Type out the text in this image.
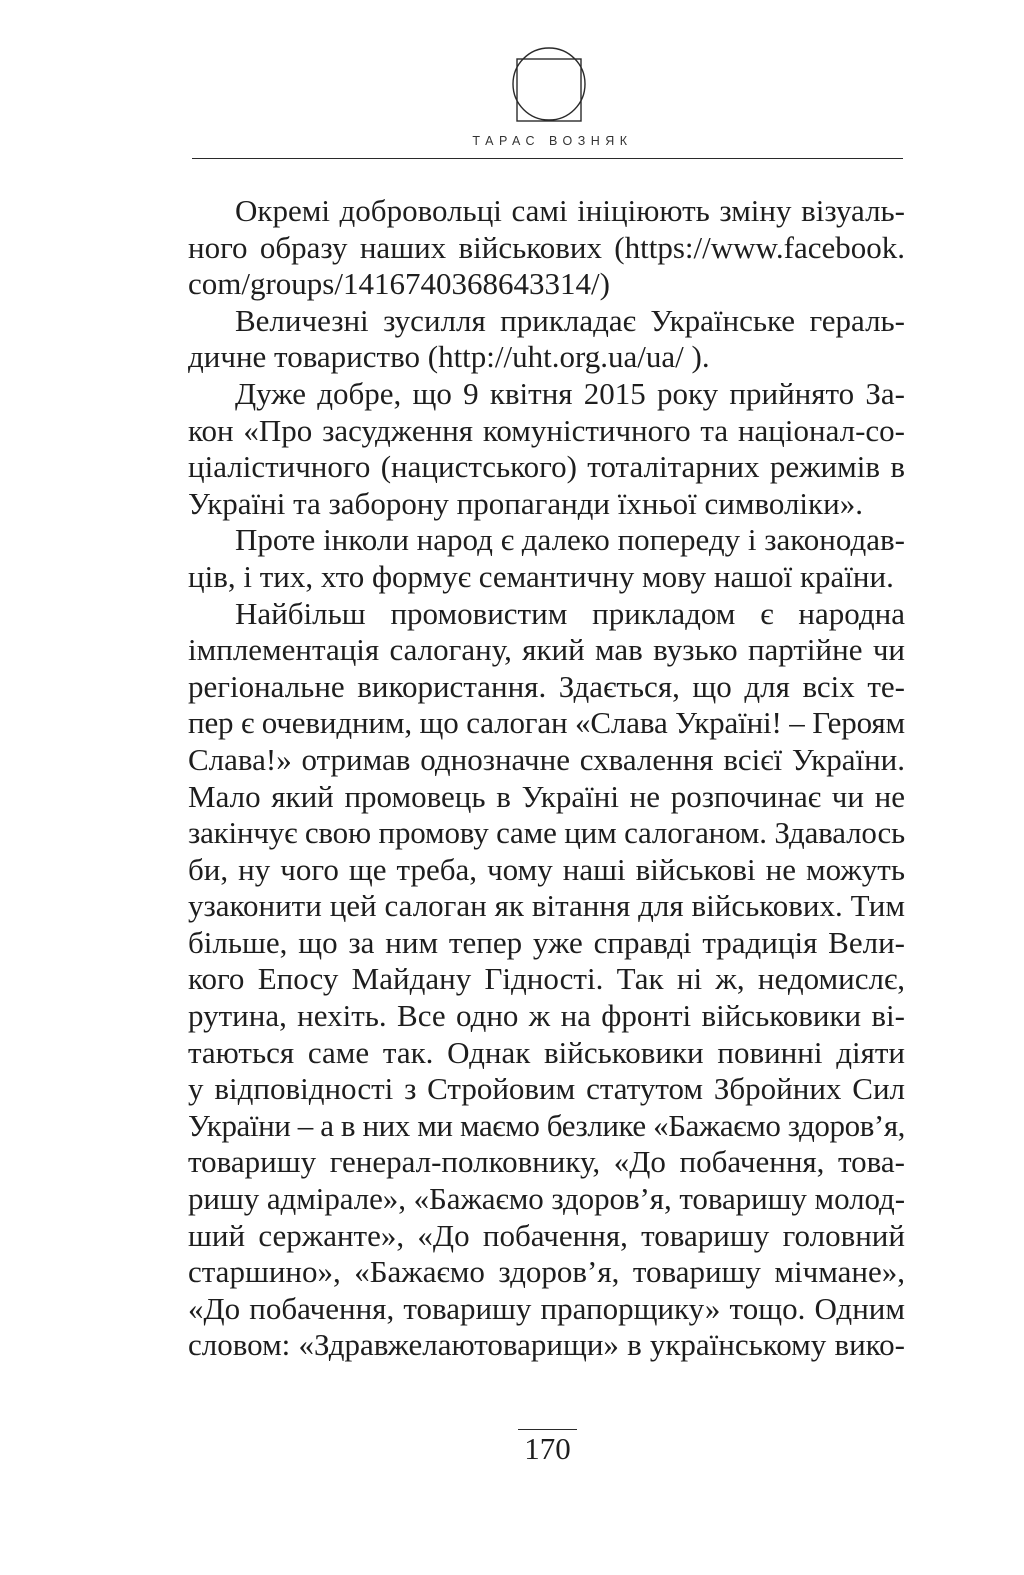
ТАРАС ВОЗНЯК
Окремі добровольці самі ініціюють зміну візуаль-
ного образу наших військових (https://www.facebook.
com/groups/1416740368643314/)
Величезні зусилля прикладає Українське гераль-
дичне товариство (http://uht.org.ua/ua/ ).
Дуже добре, що 9 квітня 2015 року прийнято За-
кон «Про засудження комуністичного та націонал-со-
ціалістичного (нацистського) тоталітарних режимів в
Україні та заборону пропаганди їхньої символіки».
Проте інколи народ є далеко попереду і законодав-
ців, і тих, хто формує семантичну мову нашої країни.
Найбільш промовистим прикладом є народна
імплементація салогану, який мав вузько партійне чи
регіональне використання. Здається, що для всіх те-
пер є очевидним, що салоган «Слава Україні! – Героям
Слава!» отримав однозначне схвалення всієї України.
Мало який промовець в Україні не розпочинає чи не
закінчує свою промову саме цим салоганом. Здавалось
би, ну чого ще треба, чому наші військові не можуть
узаконити цей салоган як вітання для військових. Тим
більше, що за ним тепер уже справді традиція Вели-
кого Епосу Майдану Гідності. Так ні ж, недомислє,
рутина, нехіть. Все одно ж на фронті військовики ві-
таються саме так. Однак військовики повинні діяти
у відповідності з Стройовим статутом Збройних Сил
України – а в них ми маємо безлике «Бажаємо здоров’я,
товаришу генерал-полковнику, «До побачення, това-
ришу адмірале», «Бажаємо здоров’я, товаришу молод-
ший сержанте», «До побачення, товаришу головний
старшино», «Бажаємо здоров’я, товаришу мічмане»,
«До побачення, товаришу прапорщику» тощо. Одним
словом: «Здравжелаютоварищи» в українському вико-
170
